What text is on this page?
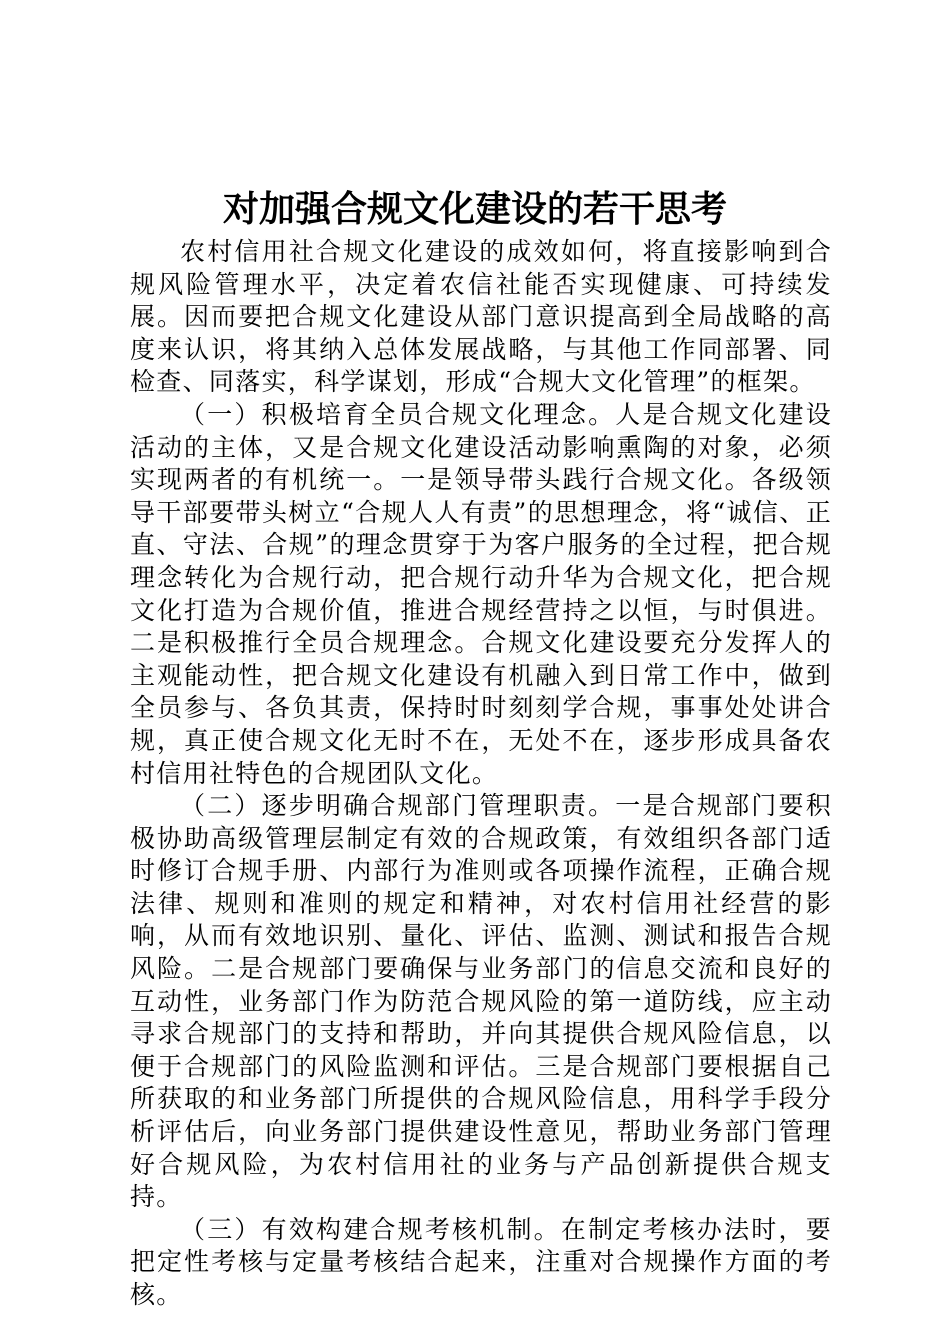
对加强合规文化建设的若干思考

农村信用社合规文化建设的成效如何，将直接影响到合规风险管理水平，决定着农信社能否实现健康、可持续发展。因而要把合规文化建设从部门意识提高到全局战略的高度来认识，将其纳入总体发展战略，与其他工作同部署、同检查、同落实，科学谋划，形成“合规大文化管理”的框架。

（一）积极培育全员合规文化理念。人是合规文化建设活动的主体，又是合规文化建设活动影响熏陶的对象，必须实现两者的有机统一。一是领导带头践行合规文化。各级领导干部要带头树立“合规人人有责”的思想理念，将“诚信、正直、守法、合规”的理念贯穿于为客户服务的全过程，把合规理念转化为合规行动，把合规行动升华为合规文化，把合规文化打造为合规价值，推进合规经营持之以恒，与时俱进。二是积极推行全员合规理念。合规文化建设要充分发挥人的主观能动性，把合规文化建设有机融入到日常工作中，做到全员参与、各负其责，保持时时刻刻学合规，事事处处讲合规，真正使合规文化无时不在，无处不在，逐步形成具备农村信用社特色的合规团队文化。

（二）逐步明确合规部门管理职责。一是合规部门要积极协助高级管理层制定有效的合规政策，有效组织各部门适时修订合规手册、内部行为准则或各项操作流程，正确合规法律、规则和准则的规定和精神，对农村信用社经营的影响，从而有效地识别、量化、评估、监测、测试和报告合规风险。二是合规部门要确保与业务部门的信息交流和良好的互动性，业务部门作为防范合规风险的第一道防线，应主动寻求合规部门的支持和帮助，并向其提供合规风险信息，以便于合规部门的风险监测和评估。三是合规部门要根据自己所获取的和业务部门所提供的合规风险信息，用科学手段分析评估后，向业务部门提供建设性意见，帮助业务部门管理好合规风险，为农村信用社的业务与产品创新提供合规支持。

（三）有效构建合规考核机制。在制定考核办法时，要把定性考核与定量考核结合起来，注重对合规操作方面的考核。
